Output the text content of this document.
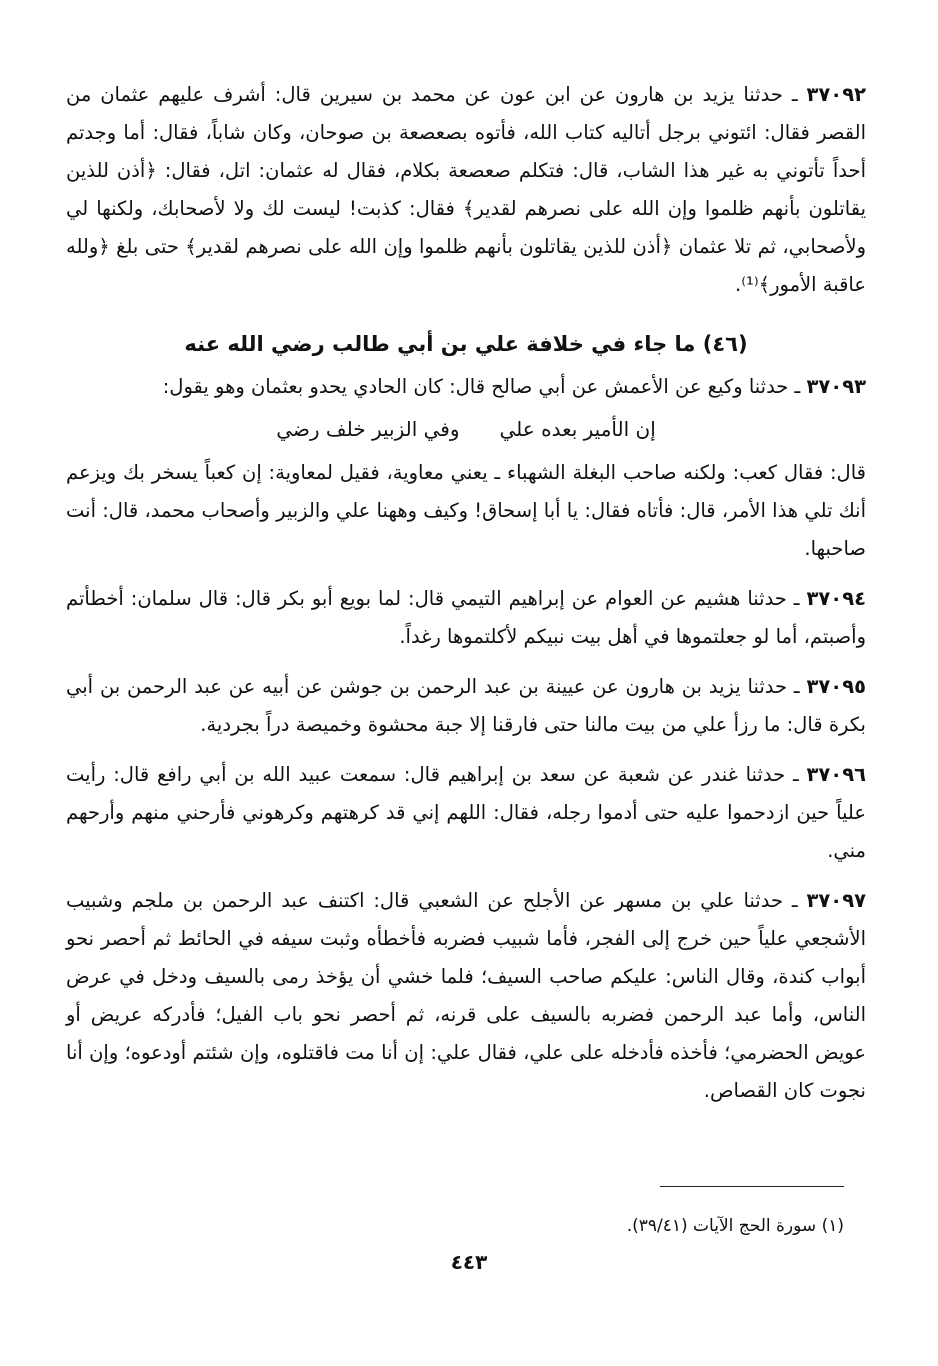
٣٧٠٩٢ ـ حدثنا يزيد بن هارون عن ابن عون عن محمد بن سيرين قال: أشرف عليهم عثمان من القصر فقال: ائتوني برجل أتاليه كتاب الله، فأتوه بصعصعة بن صوحان، وكان شاباً، فقال: أما وجدتم أحداً تأتوني به غير هذا الشاب، قال: فتكلم صعصعة بكلام، فقال له عثمان: اتل، فقال: ﴿أذن للذين يقاتلون بأنهم ظلموا وإن الله على نصرهم لقدير﴾ فقال: كذبت! ليست لك ولا لأصحابك، ولكنها لي ولأصحابي، ثم تلا عثمان ﴿أذن للذين يقاتلون بأنهم ظلموا وإن الله على نصرهم لقدير﴾ حتى بلغ ﴿ولله عاقبة الأمور﴾⁽¹⁾.
(٤٦) ما جاء في خلافة علي بن أبي طالب رضي الله عنه
٣٧٠٩٣ ـ حدثنا وكيع عن الأعمش عن أبي صالح قال: كان الحادي يحدو بعثمان وهو يقول:
إن الأمير بعده علي
وفي الزبير خلف رضي
قال: فقال كعب: ولكنه صاحب البغلة الشهباء ـ يعني معاوية، فقيل لمعاوية: إن كعباً يسخر بك ويزعم أنك تلي هذا الأمر، قال: فأتاه فقال: يا أبا إسحاق! وكيف وههنا علي والزبير وأصحاب محمد، قال: أنت صاحبها.
٣٧٠٩٤ ـ حدثنا هشيم عن العوام عن إبراهيم التيمي قال: لما بويع أبو بكر قال: قال سلمان: أخطأتم وأصبتم، أما لو جعلتموها في أهل بيت نبيكم لأكلتموها رغداً.
٣٧٠٩٥ ـ حدثنا يزيد بن هارون عن عيينة بن عبد الرحمن بن جوشن عن أبيه عن عبد الرحمن بن أبي بكرة قال: ما رزأ علي من بيت مالنا حتى فارقنا إلا جبة محشوة وخميصة دراً بجردية.
٣٧٠٩٦ ـ حدثنا غندر عن شعبة عن سعد بن إبراهيم قال: سمعت عبيد الله بن أبي رافع قال: رأيت علياً حين ازدحموا عليه حتى أدموا رجله، فقال: اللهم إني قد كرهتهم وكرهوني فأرحني منهم وأرحهم مني.
٣٧٠٩٧ ـ حدثنا علي بن مسهر عن الأجلح عن الشعبي قال: اكتنف عبد الرحمن بن ملجم وشبيب الأشجعي علياً حين خرج إلى الفجر، فأما شبيب فضربه فأخطأه وثبت سيفه في الحائط ثم أحصر نحو أبواب كندة، وقال الناس: عليكم صاحب السيف؛ فلما خشي أن يؤخذ رمى بالسيف ودخل في عرض الناس، وأما عبد الرحمن فضربه بالسيف على قرنه، ثم أحصر نحو باب الفيل؛ فأدركه عريض أو عويض الحضرمي؛ فأخذه فأدخله على علي، فقال علي: إن أنا مت فاقتلوه، وإن شئتم أودعوه؛ وإن أنا نجوت كان القصاص.
(١) سورة الحج الآيات (٣٩/٤١).
٤٤٣
